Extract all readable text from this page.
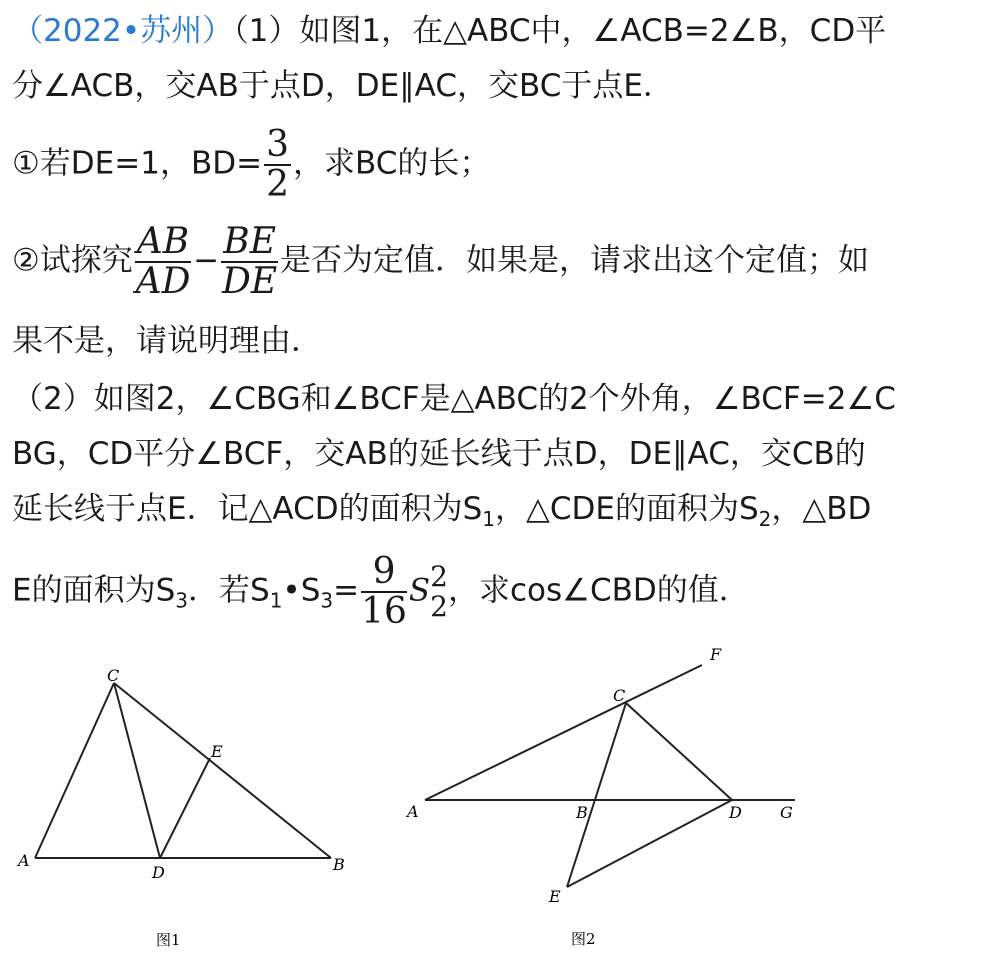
（2022•苏州）（1）如图1，在△ABC中，∠ACB=2∠B，CD平
分∠ACB，交AB于点D，DE∥AC，交BC于点E．
①若DE=1，$BD= \frac{3}{2}$ ，求BC的长；
②试探究 $\frac{AB}{AD} - \frac{BE}{DE}$ 是否为定值．如果是，请求出这个定值；如
果不是，请说明理由．
（2）如图2，∠CBG和∠BCF是△ABC的2个外角，∠BCF=2∠C
BG，CD平分∠BCF，交AB的延长线于点D，DE∥AC，交CB的
延长线于点E．记△ACD的面积为$S_1$，△CDE的面积为$S_2$，△BD
E的面积为$S_3$．若$S_1•S_3= \frac{9}{16}$ S 2
2 ，求cos∠CBD的值．
C
A	B
D
E
图1
F
C
A	B	D G
E
图2
